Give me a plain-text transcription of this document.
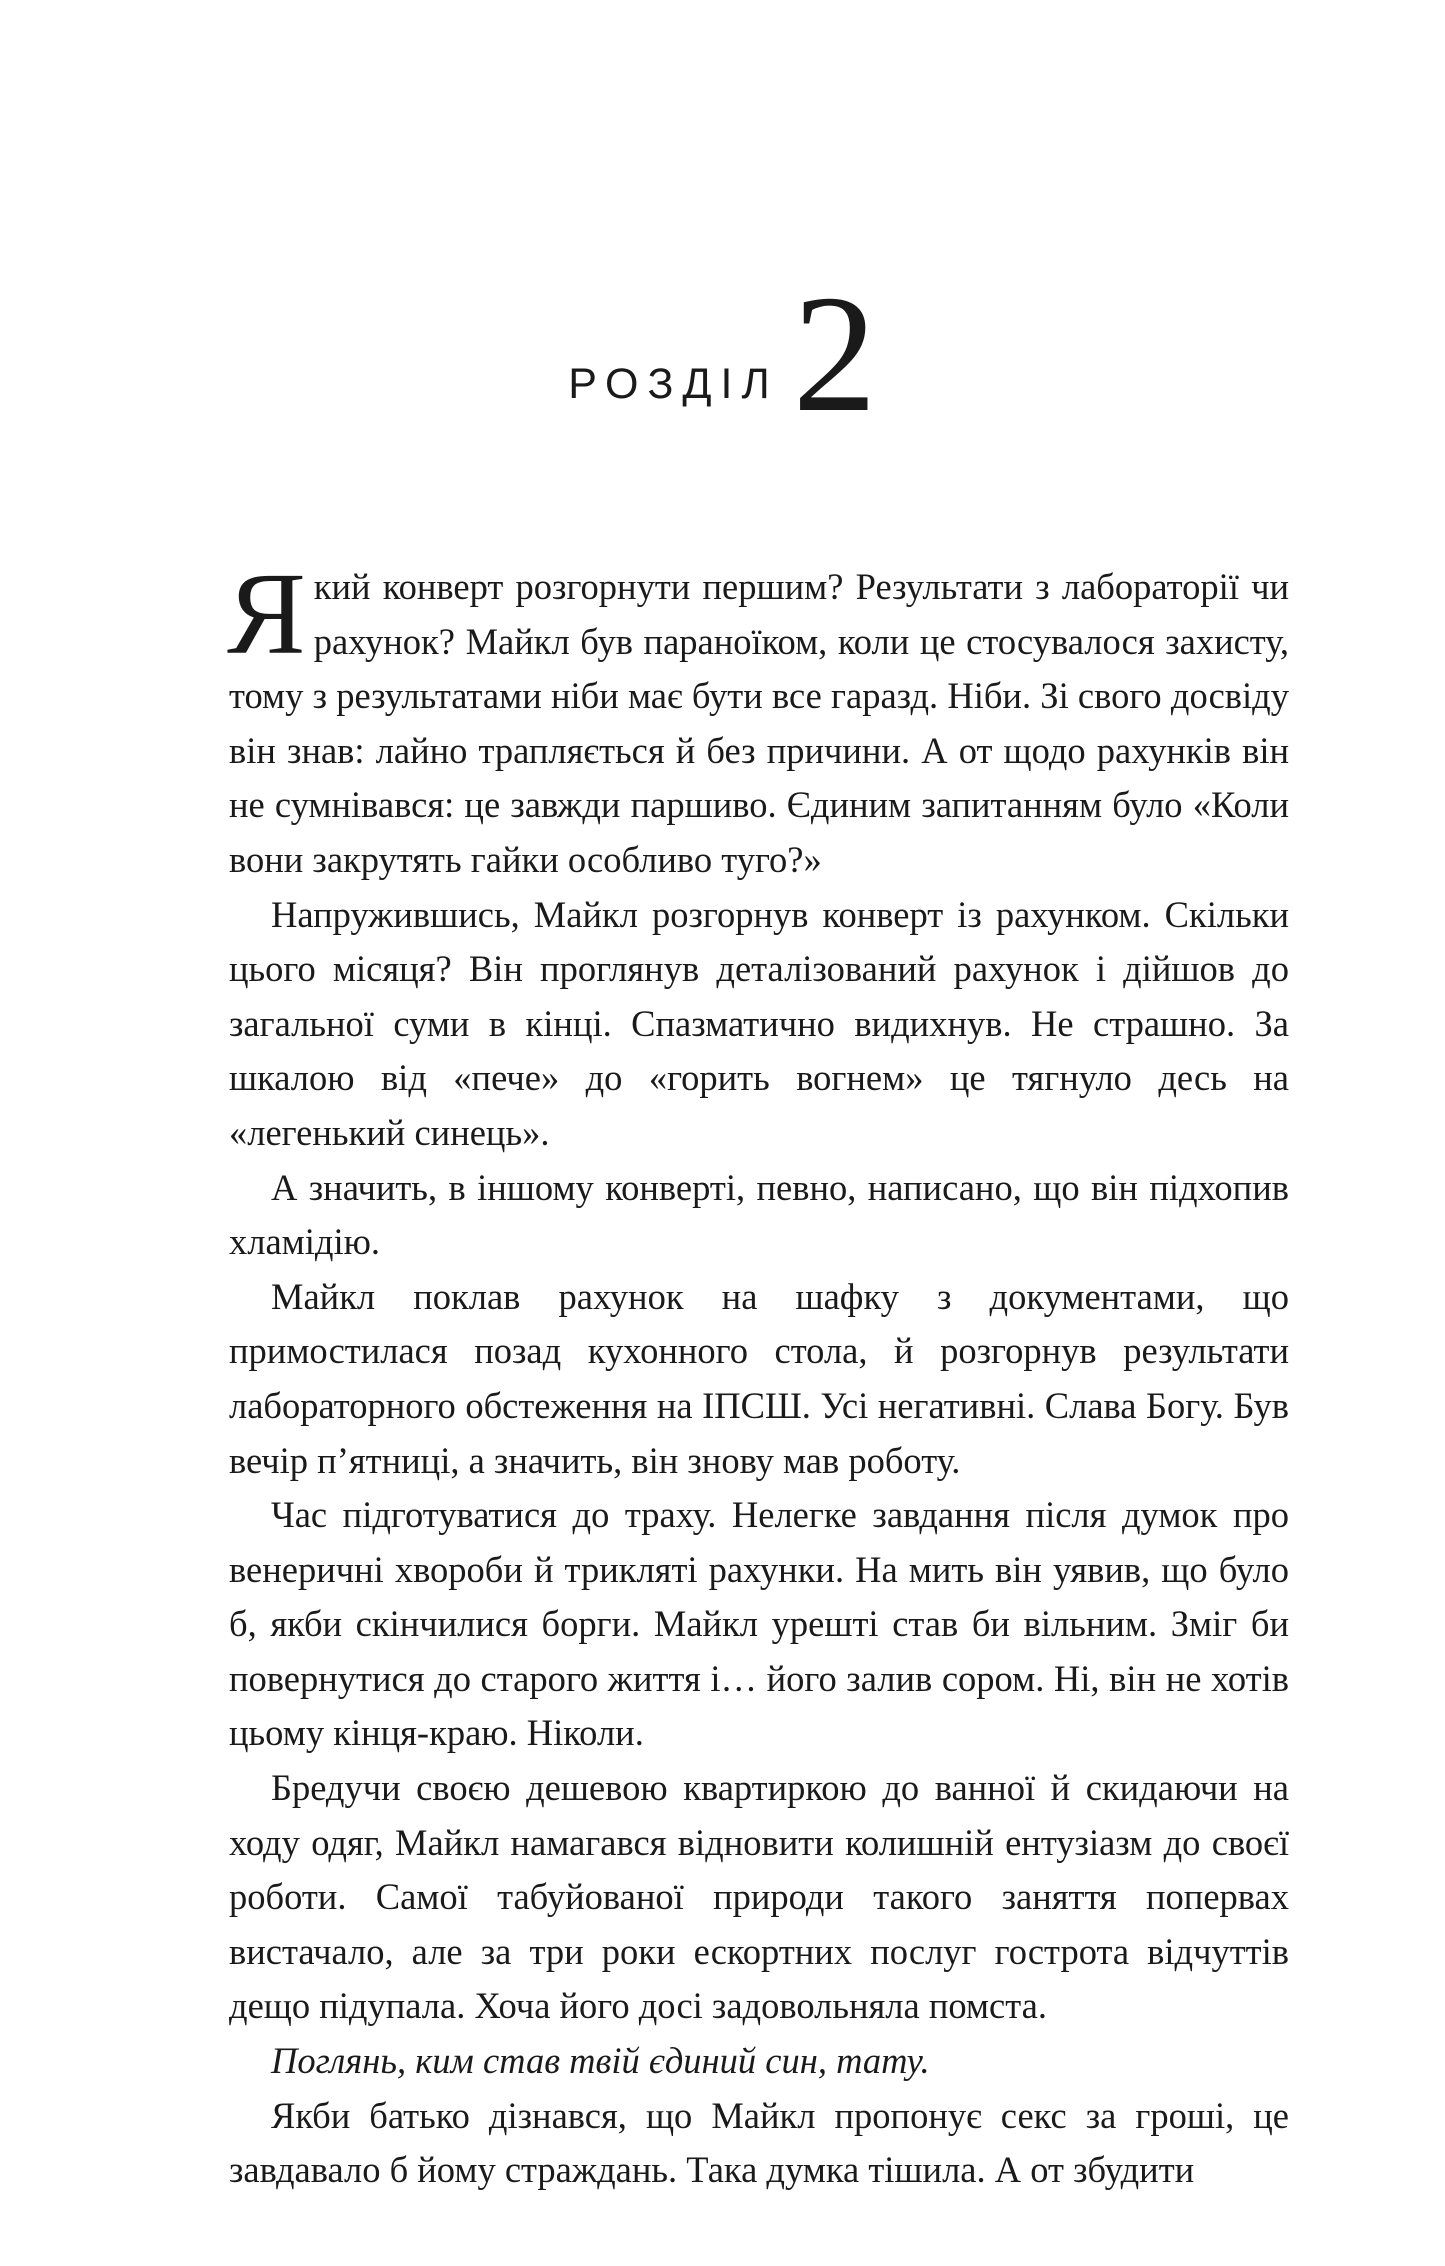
РОЗДІЛ2

Який конверт розгорнути першим? Результати з лабораторії чи рахунок? Майкл був параноїком, коли це стосувалося захисту, тому з результатами ніби має бути все гаразд. Ніби. Зі свого досвіду він знав: лайно трапляється й без причини. А от щодо рахунків він не сумнівався: це завжди паршиво. Єдиним запитанням було «Коли вони закрутять гайки особливо туго?»

Напружившись, Майкл розгорнув конверт із рахунком. Скільки цього місяця? Він проглянув деталізований рахунок і дійшов до загальної суми в кінці. Спазматично видихнув. Не страшно. За шкалою від «пече» до «горить вогнем» це тягнуло десь на «легенький синець».

А значить, в іншому конверті, певно, написано, що він підхопив хламідію.

Майкл поклав рахунок на шафку з документами, що примостилася позад кухонного стола, й розгорнув результати лабораторного обстеження на ІПСШ. Усі негативні. Слава Богу. Був вечір п’ятниці, а значить, він знову мав роботу.

Час підготуватися до траху. Нелегке завдання після думок про венеричні хвороби й трикляті рахунки. На мить він уявив, що було б, якби скінчилися борги. Майкл урешті став би вільним. Зміг би повернутися до старого життя і… його залив сором. Ні, він не хотів цьому кінця-краю. Ніколи.

Бредучи своєю дешевою квартиркою до ванної й скидаючи на ходу одяг, Майкл намагався відновити колишній ентузіазм до своєї роботи. Самої табуйованої природи такого заняття попервах вистачало, але за три роки ескортних послуг гострота відчуттів дещо підупала. Хоча його досі задовольняла помста.

Поглянь, ким став твій єдиний син, тату.

Якби батько дізнався, що Майкл пропонує секс за гроші, це завдавало б йому страждань. Така думка тішила. А от збудити
